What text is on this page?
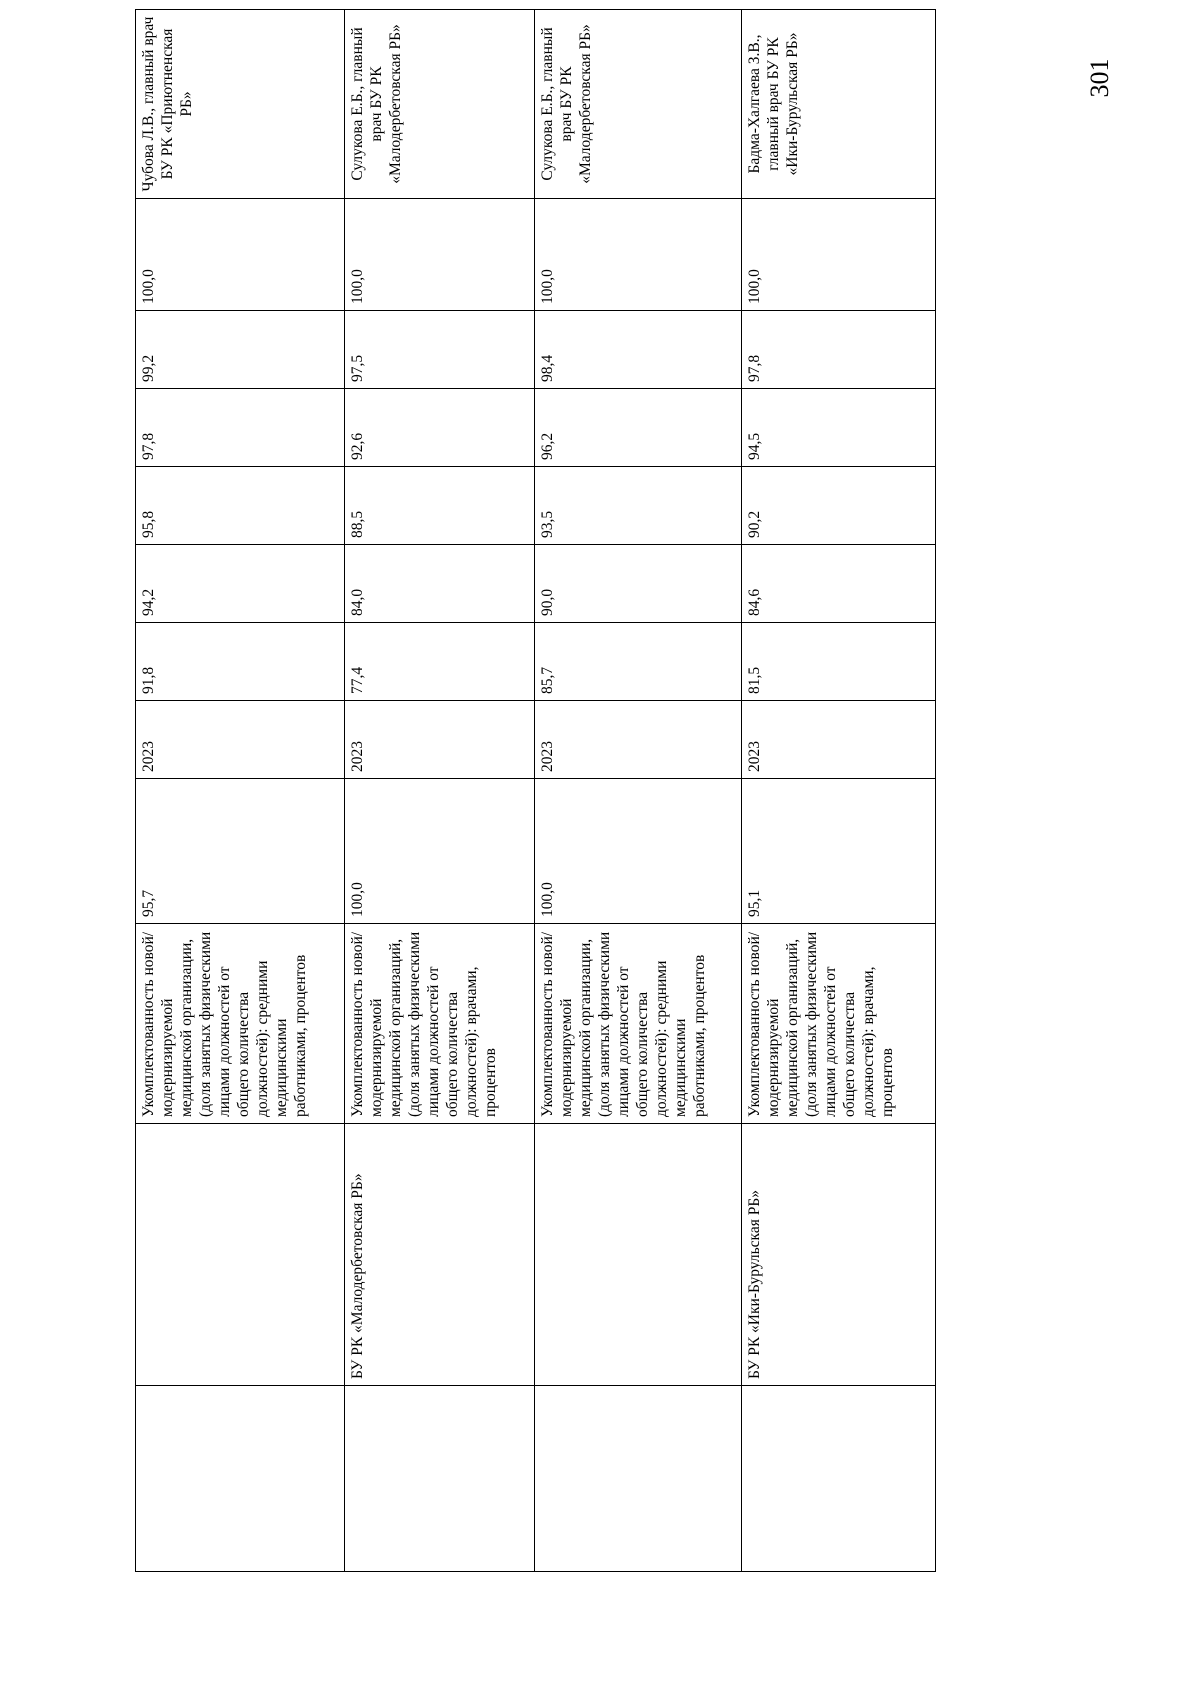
301
		Укомплектованность новой/модернизируемой медицинской организации, (доля занятых физическими лицами должностей от общего количества должностей): средними медицинскими работниками, процентов	95,7	2023	91,8	94,2	95,8	97,8	99,2	100,0	Чубова Л.В., главный врач БУ РК «Приютненская РБ»
	БУ РК «Малодербетовская РБ»	Укомплектованность новой/модернизируемой медицинской организаций, (доля занятых физическими лицами должностей от общего количества должностей): врачами, процентов	100,0	2023	77,4	84,0	88,5	92,6	97,5	100,0	Сулукова Е.Б., главный врач БУ РК «Малодербетовская РБ»
		Укомплектованность новой/модернизируемой медицинской организации, (доля занятых физическими лицами должностей от общего количества должностей): средними медицинскими работниками, процентов	100,0	2023	85,7	90,0	93,5	96,2	98,4	100,0	Сулукова Е.Б., главный врач БУ РК «Малодербетовская РБ»
	БУ РК «Ики-Бурульская РБ»	Укомплектованность новой/модернизируемой медицинской организаций, (доля занятых физическими лицами должностей от общего количества должностей): врачами, процентов	95,1	2023	81,5	84,6	90,2	94,5	97,8	100,0	Бадма-Халгаева З.В., главный врач БУ РК «Ики-Бурульская РБ»
